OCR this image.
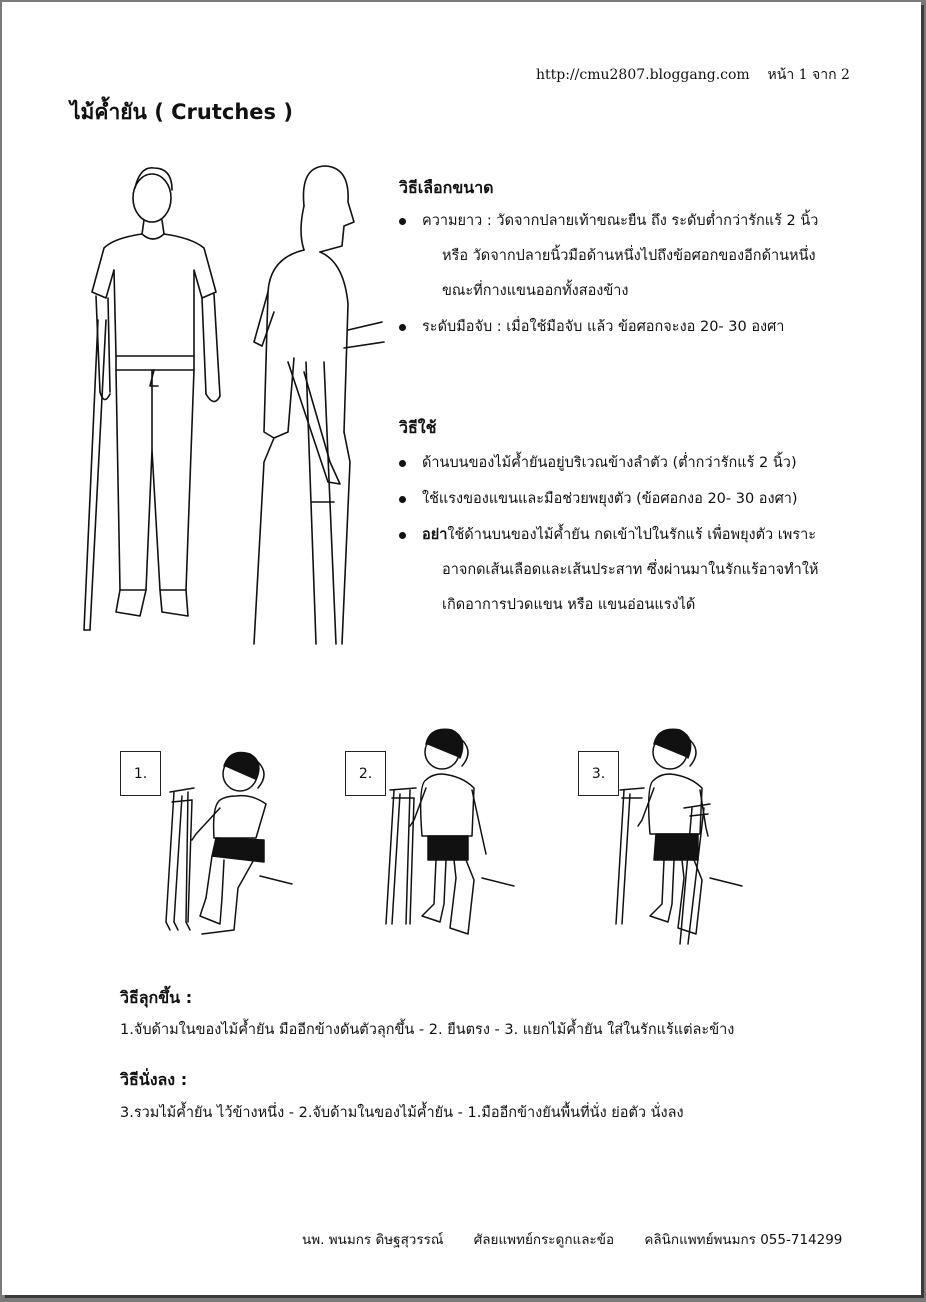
http://cmu2807.bloggang.com หน้า 1 จาก 2
ไม้ค้ำยัน ( Crutches )
วิธีเลือกขนาด
ความยาว : วัดจากปลายเท้าขณะยืน ถึง ระดับต่ำกว่ารักแร้ 2 นิ้ว
หรือ วัดจากปลายนิ้วมือด้านหนึ่งไปถึงข้อศอกของอีกด้านหนึ่ง
ขณะที่กางแขนออกทั้งสองข้าง
ระดับมือจับ : เมื่อใช้มือจับ แล้ว ข้อศอกจะงอ 20- 30 องศา
วิธีใช้
ด้านบนของไม้ค้ำยันอยู่บริเวณข้างลำตัว (ต่ำกว่ารักแร้ 2 นิ้ว)
ใช้แรงของแขนและมือช่วยพยุงตัว (ข้อศอกงอ 20- 30 องศา)
อย่าใช้ด้านบนของไม้ค้ำยัน กดเข้าไปในรักแร้ เพื่อพยุงตัว เพราะ
อาจกดเส้นเลือดและเส้นประสาท ซึ่งผ่านมาในรักแร้อาจทำให้
เกิดอาการปวดแขน หรือ แขนอ่อนแรงได้
1.	2.	3.
วิธีลุกขึ้น :
1.จับด้ามในของไม้ค้ำยัน มืออีกข้างดันตัวลุกขึ้น - 2. ยืนตรง - 3. แยกไม้ค้ำยัน ใส่ในรักแร้แต่ละข้าง
วิธีนั่งลง :
3.รวมไม้ค้ำยัน ไว้ข้างหนึ่ง - 2.จับด้ามในของไม้ค้ำยัน - 1.มืออีกข้างยันพื้นที่นั่ง ย่อตัว นั่งลง
นพ. พนมกร ดิษฐสุวรรณ์ ศัลยแพทย์กระดูกและข้อ คลินิกแพทย์พนมกร 055-714299
